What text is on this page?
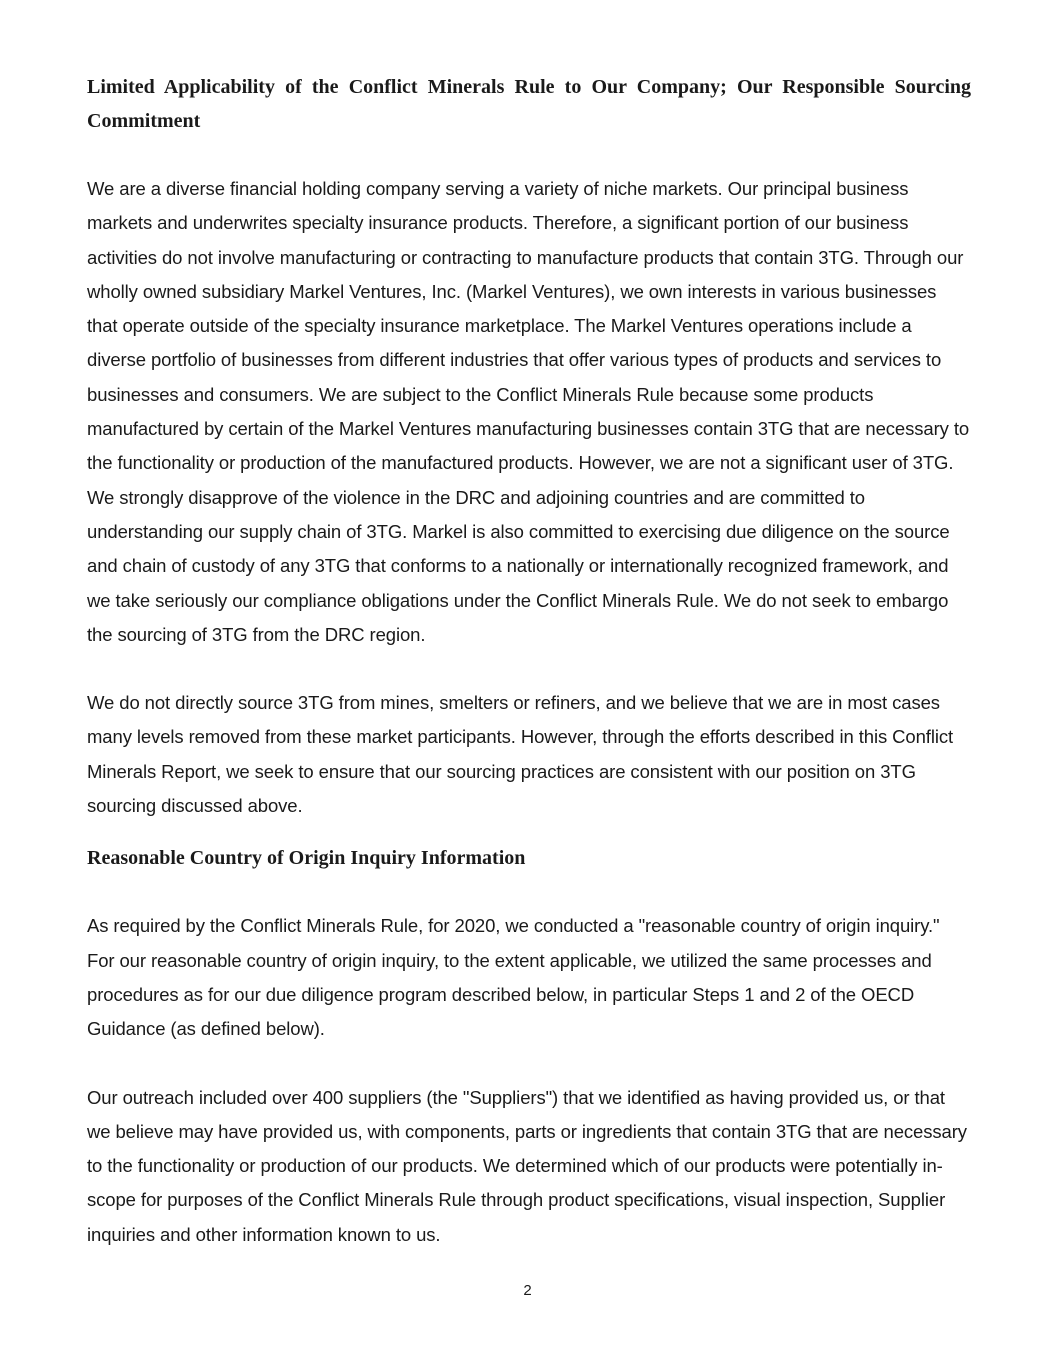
Limited Applicability of the Conflict Minerals Rule to Our Company; Our Responsible Sourcing Commitment

We are a diverse financial holding company serving a variety of niche markets. Our principal business markets and underwrites specialty insurance products. Therefore, a significant portion of our business activities do not involve manufacturing or contracting to manufacture products that contain 3TG. Through our wholly owned subsidiary Markel Ventures, Inc. (Markel Ventures), we own interests in various businesses that operate outside of the specialty insurance marketplace. The Markel Ventures operations include a diverse portfolio of businesses from different industries that offer various types of products and services to businesses and consumers. We are subject to the Conflict Minerals Rule because some products manufactured by certain of the Markel Ventures manufacturing businesses contain 3TG that are necessary to the functionality or production of the manufactured products. However, we are not a significant user of 3TG. We strongly disapprove of the violence in the DRC and adjoining countries and are committed to understanding our supply chain of 3TG. Markel is also committed to exercising due diligence on the source and chain of custody of any 3TG that conforms to a nationally or internationally recognized framework, and we take seriously our compliance obligations under the Conflict Minerals Rule. We do not seek to embargo the sourcing of 3TG from the DRC region.

We do not directly source 3TG from mines, smelters or refiners, and we believe that we are in most cases many levels removed from these market participants. However, through the efforts described in this Conflict Minerals Report, we seek to ensure that our sourcing practices are consistent with our position on 3TG sourcing discussed above.

Reasonable Country of Origin Inquiry Information

As required by the Conflict Minerals Rule, for 2020, we conducted a "reasonable country of origin inquiry." For our reasonable country of origin inquiry, to the extent applicable, we utilized the same processes and procedures as for our due diligence program described below, in particular Steps 1 and 2 of the OECD Guidance (as defined below).

Our outreach included over 400 suppliers (the "Suppliers") that we identified as having provided us, or that we believe may have provided us, with components, parts or ingredients that contain 3TG that are necessary to the functionality or production of our products. We determined which of our products were potentially in-scope for purposes of the Conflict Minerals Rule through product specifications, visual inspection, Supplier inquiries and other information known to us.

2
